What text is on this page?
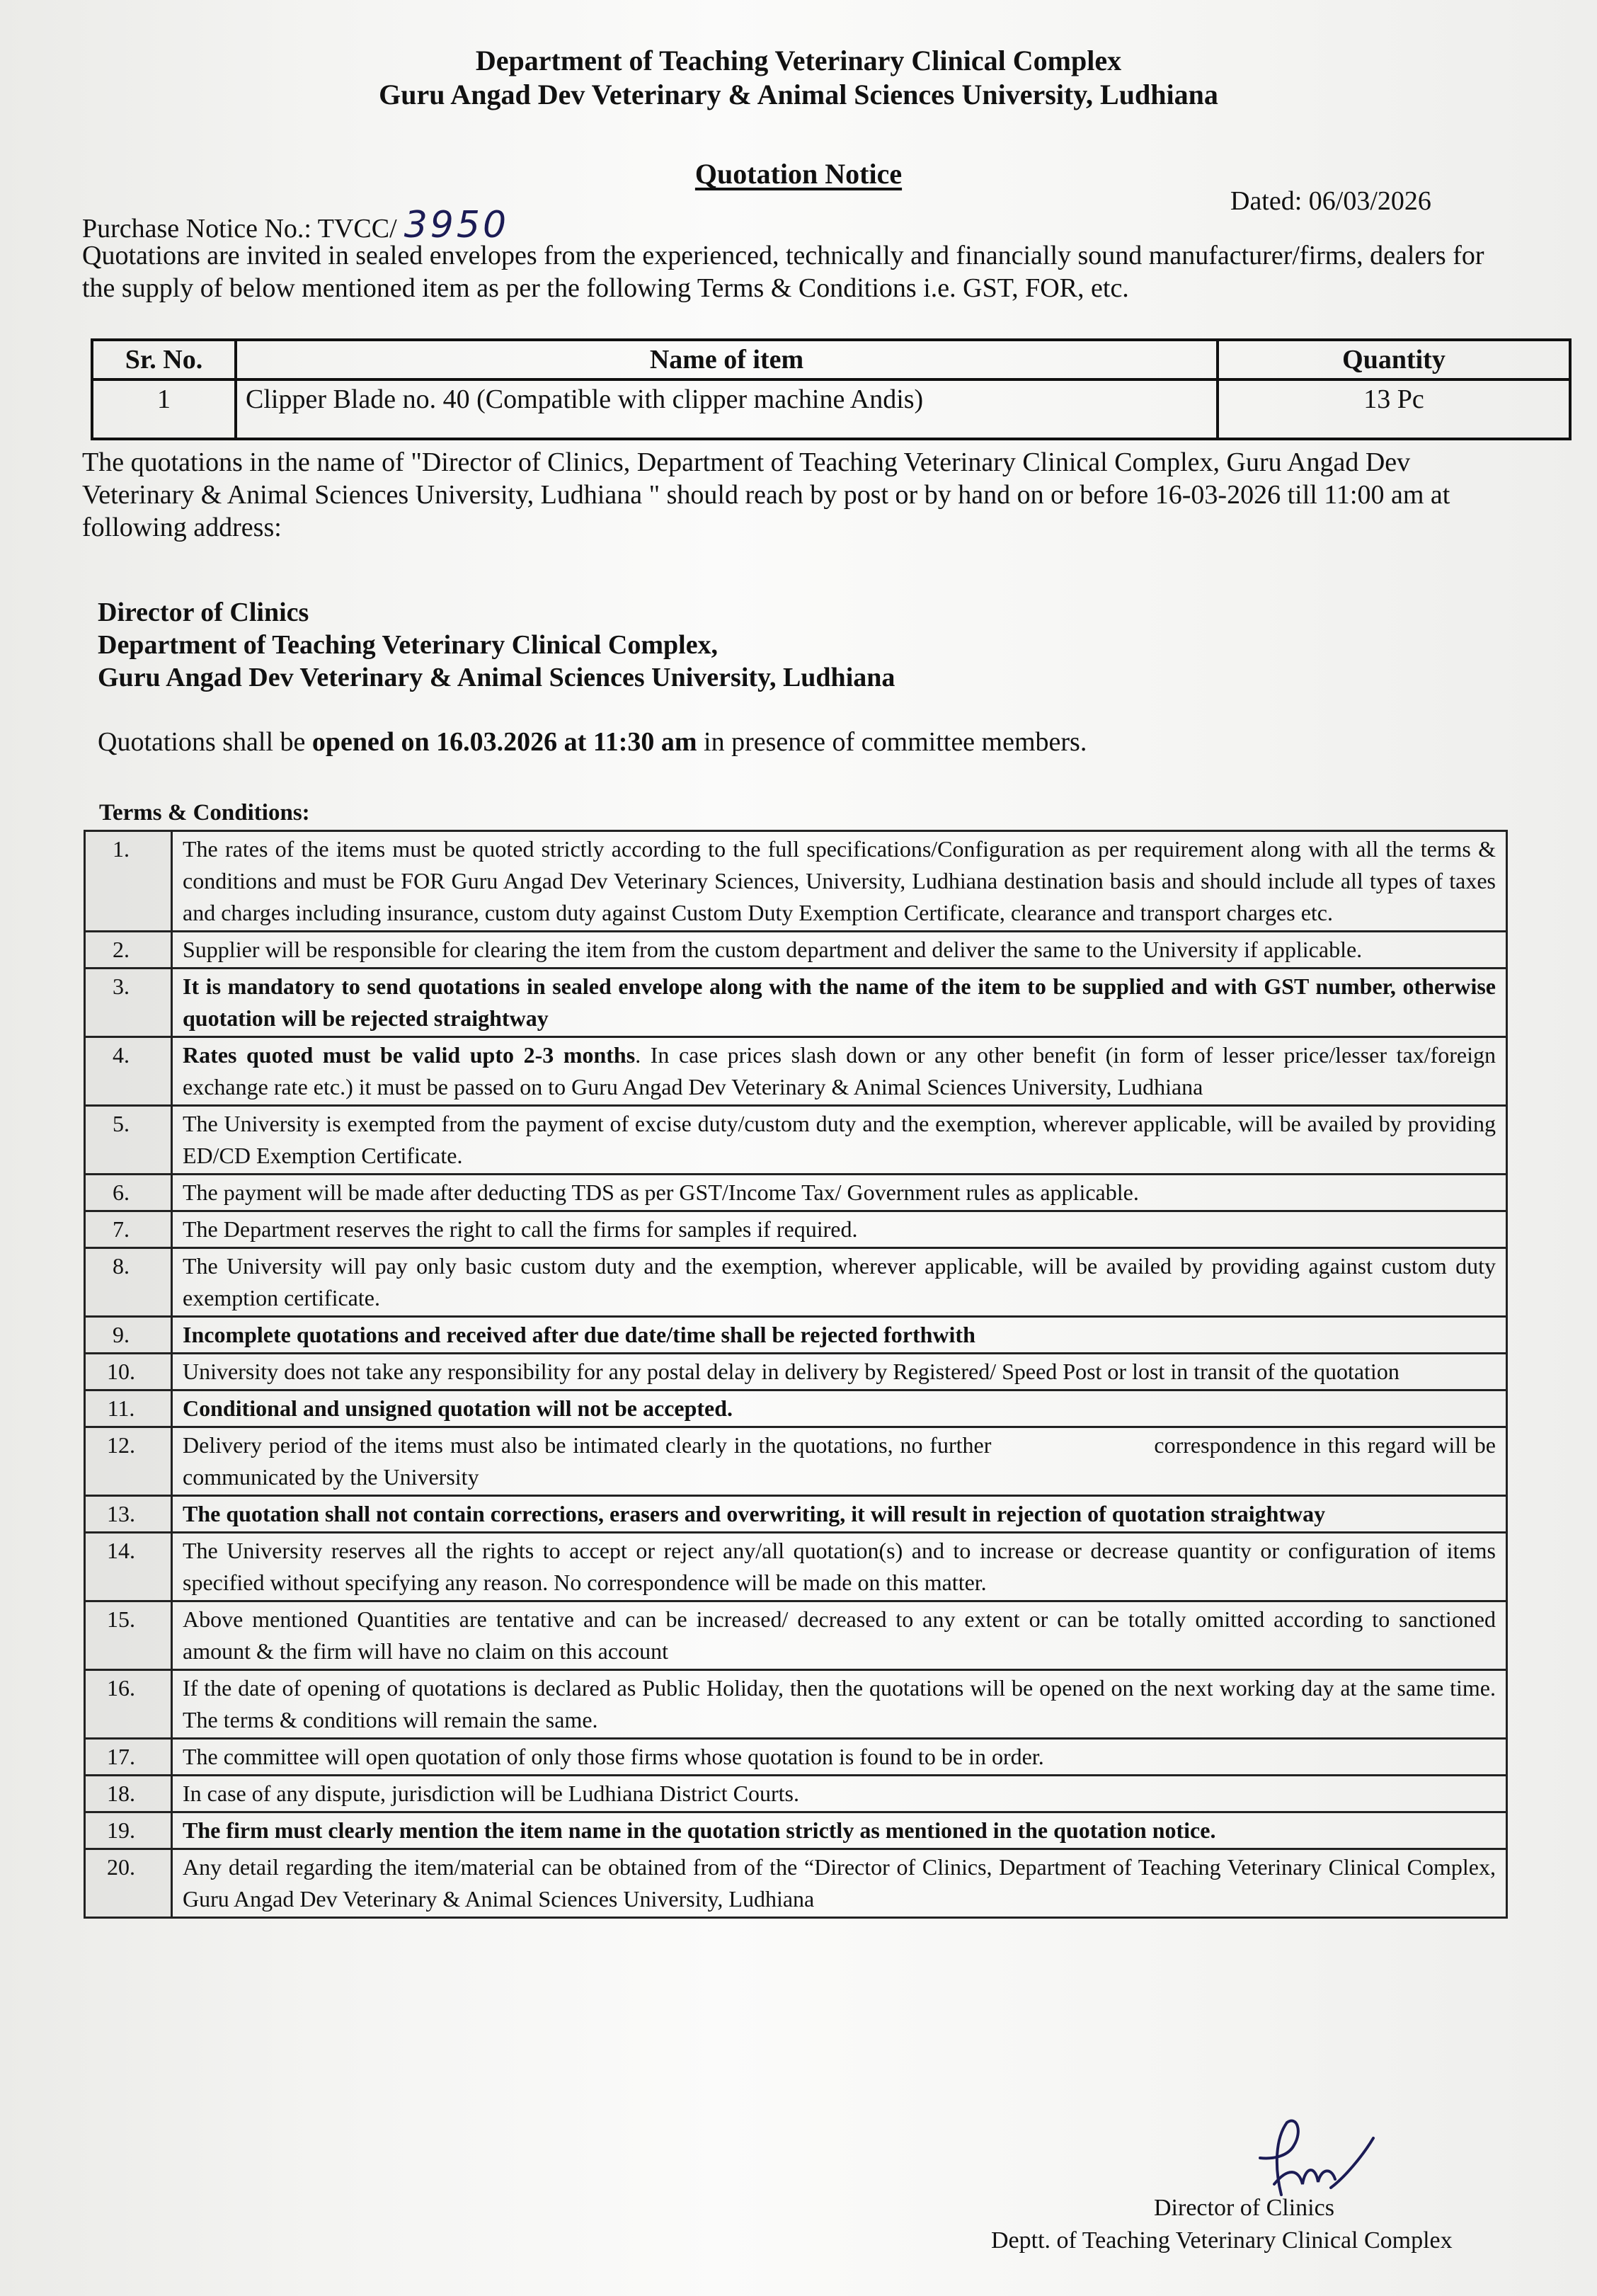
Department of Teaching Veterinary Clinical Complex
Guru Angad Dev Veterinary & Animal Sciences University, Ludhiana
Quotation Notice
Dated: 06/03/2026
Purchase Notice No.: TVCC/ 3950
Quotations are invited in sealed envelopes from the experienced, technically and financially sound manufacturer/firms, dealers for the supply of below mentioned item as per the following Terms & Conditions i.e. GST, FOR, etc.
Sr. No.	Name of item	Quantity
1	Clipper Blade no. 40 (Compatible with clipper machine Andis)	13 Pc
The quotations in the name of "Director of Clinics, Department of Teaching Veterinary Clinical Complex, Guru Angad Dev Veterinary & Animal Sciences University, Ludhiana " should reach by post or by hand on or before 16-03-2026 till 11:00 am at following address:
Director of Clinics
Department of Teaching Veterinary Clinical Complex,
Guru Angad Dev Veterinary & Animal Sciences University, Ludhiana
Quotations shall be opened on 16.03.2026 at 11:30 am in presence of committee members.
Terms & Conditions:
1.	The rates of the items must be quoted strictly according to the full specifications/Configuration as per requirement along with all the terms & conditions and must be FOR Guru Angad Dev Veterinary Sciences, University, Ludhiana destination basis and should include all types of taxes and charges including insurance, custom duty against Custom Duty Exemption Certificate, clearance and transport charges etc.
2.	Supplier will be responsible for clearing the item from the custom department and deliver the same to the University if applicable.
3.	It is mandatory to send quotations in sealed envelope along with the name of the item to be supplied and with GST number, otherwise quotation will be rejected straightway
4.	Rates quoted must be valid upto 2-3 months. In case prices slash down or any other benefit (in form of lesser price/lesser tax/foreign exchange rate etc.) it must be passed on to Guru Angad Dev Veterinary & Animal Sciences University, Ludhiana
5.	The University is exempted from the payment of excise duty/custom duty and the exemption, wherever applicable, will be availed by providing ED/CD Exemption Certificate.
6.	The payment will be made after deducting TDS as per GST/Income Tax/ Government rules as applicable.
7.	The Department reserves the right to call the firms for samples if required.
8.	The University will pay only basic custom duty and the exemption, wherever applicable, will be availed by providing against custom duty exemption certificate.
9.	Incomplete quotations and received after due date/time shall be rejected forthwith
10.	University does not take any responsibility for any postal delay in delivery by Registered/ Speed Post or lost in transit of the quotation
11.	Conditional and unsigned quotation will not be accepted.
12.	Delivery period of the items must also be intimated clearly in the quotations, no further correspondence in this regard will be communicated by the University
13.	The quotation shall not contain corrections, erasers and overwriting, it will result in rejection of quotation straightway
14.	The University reserves all the rights to accept or reject any/all quotation(s) and to increase or decrease quantity or configuration of items specified without specifying any reason. No correspondence will be made on this matter.
15.	Above mentioned Quantities are tentative and can be increased/ decreased to any extent or can be totally omitted according to sanctioned amount & the firm will have no claim on this account
16.	If the date of opening of quotations is declared as Public Holiday, then the quotations will be opened on the next working day at the same time. The terms & conditions will remain the same.
17.	The committee will open quotation of only those firms whose quotation is found to be in order.
18.	In case of any dispute, jurisdiction will be Ludhiana District Courts.
19.	The firm must clearly mention the item name in the quotation strictly as mentioned in the quotation notice.
20.	Any detail regarding the item/material can be obtained from of the “Director of Clinics, Department of Teaching Veterinary Clinical Complex, Guru Angad Dev Veterinary & Animal Sciences University, Ludhiana
Director of Clinics
Deptt. of Teaching Veterinary Clinical Complex
